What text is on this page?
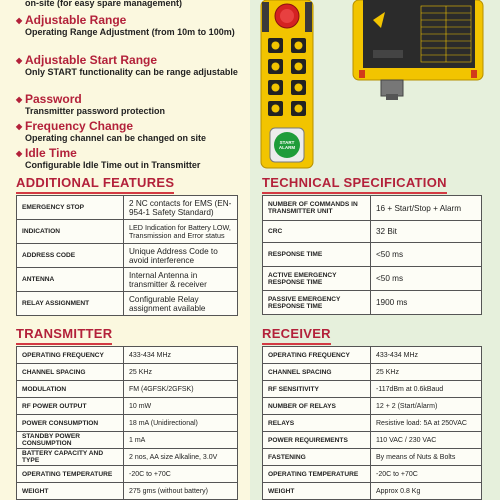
on-site (for easy spare management)
◆ Adjustable Range
Operating Range Adjustment (from 10m to 100m)
◆ Adjustable Start Range
Only START functionality can be range adjustable
◆ Password
Transmitter password protection
◆ Frequency Change
Operating channel can be changed on site
◆ Idle Time
Configurable Idle Time out in Transmitter
START ALARM
ADDITIONAL FEATURES
EMERGENCY STOP	2 NC contacts for EMS (EN-954-1 Safety Standard)
INDICATION	LED Indication for Battery LOW, Transmission and Error status
ADDRESS CODE	Unique Address Code to avoid interference
ANTENNA	Internal Antenna in transmitter & receiver
RELAY ASSIGNMENT	Configurable Relay assignment available
TECHNICAL SPECIFICATION
NUMBER OF COMMANDS IN TRANSMITTER UNIT	16 + Start/Stop + Alarm
CRC	32 Bit
RESPONSE TIME	<50 ms
ACTIVE EMERGENCY RESPONSE TIME	<50 ms
PASSIVE EMERGENCY RESPONSE TIME	1900 ms
TRANSMITTER
OPERATING FREQUENCY	433-434 MHz
CHANNEL SPACING	25 KHz
MODULATION	FM (4GFSK/2GFSK)
RF POWER OUTPUT	10 mW
POWER CONSUMPTION	18 mA (Unidirectional)
STANDBY POWER CONSUMPTION	1 mA
BATTERY CAPACITY AND TYPE	2 nos, AA size Alkaline, 3.0V
OPERATING TEMPERATURE	-20C to +70C
WEIGHT	275 gms (without battery)
RECEIVER
OPERATING FREQUENCY	433-434 MHz
CHANNEL SPACING	25 KHz
RF SENSITIVITY	-117dBm at 0.6kBaud
NUMBER OF RELAYS	12 + 2 (Start/Alarm)
RELAYS	Resistive load: 5A at 250VAC
POWER REQUIREMENTS	110 VAC / 230 VAC
FASTENING	By means of Nuts & Bolts
OPERATING TEMPERATURE	-20C to +70C
WEIGHT	Approx 0.8 Kg
